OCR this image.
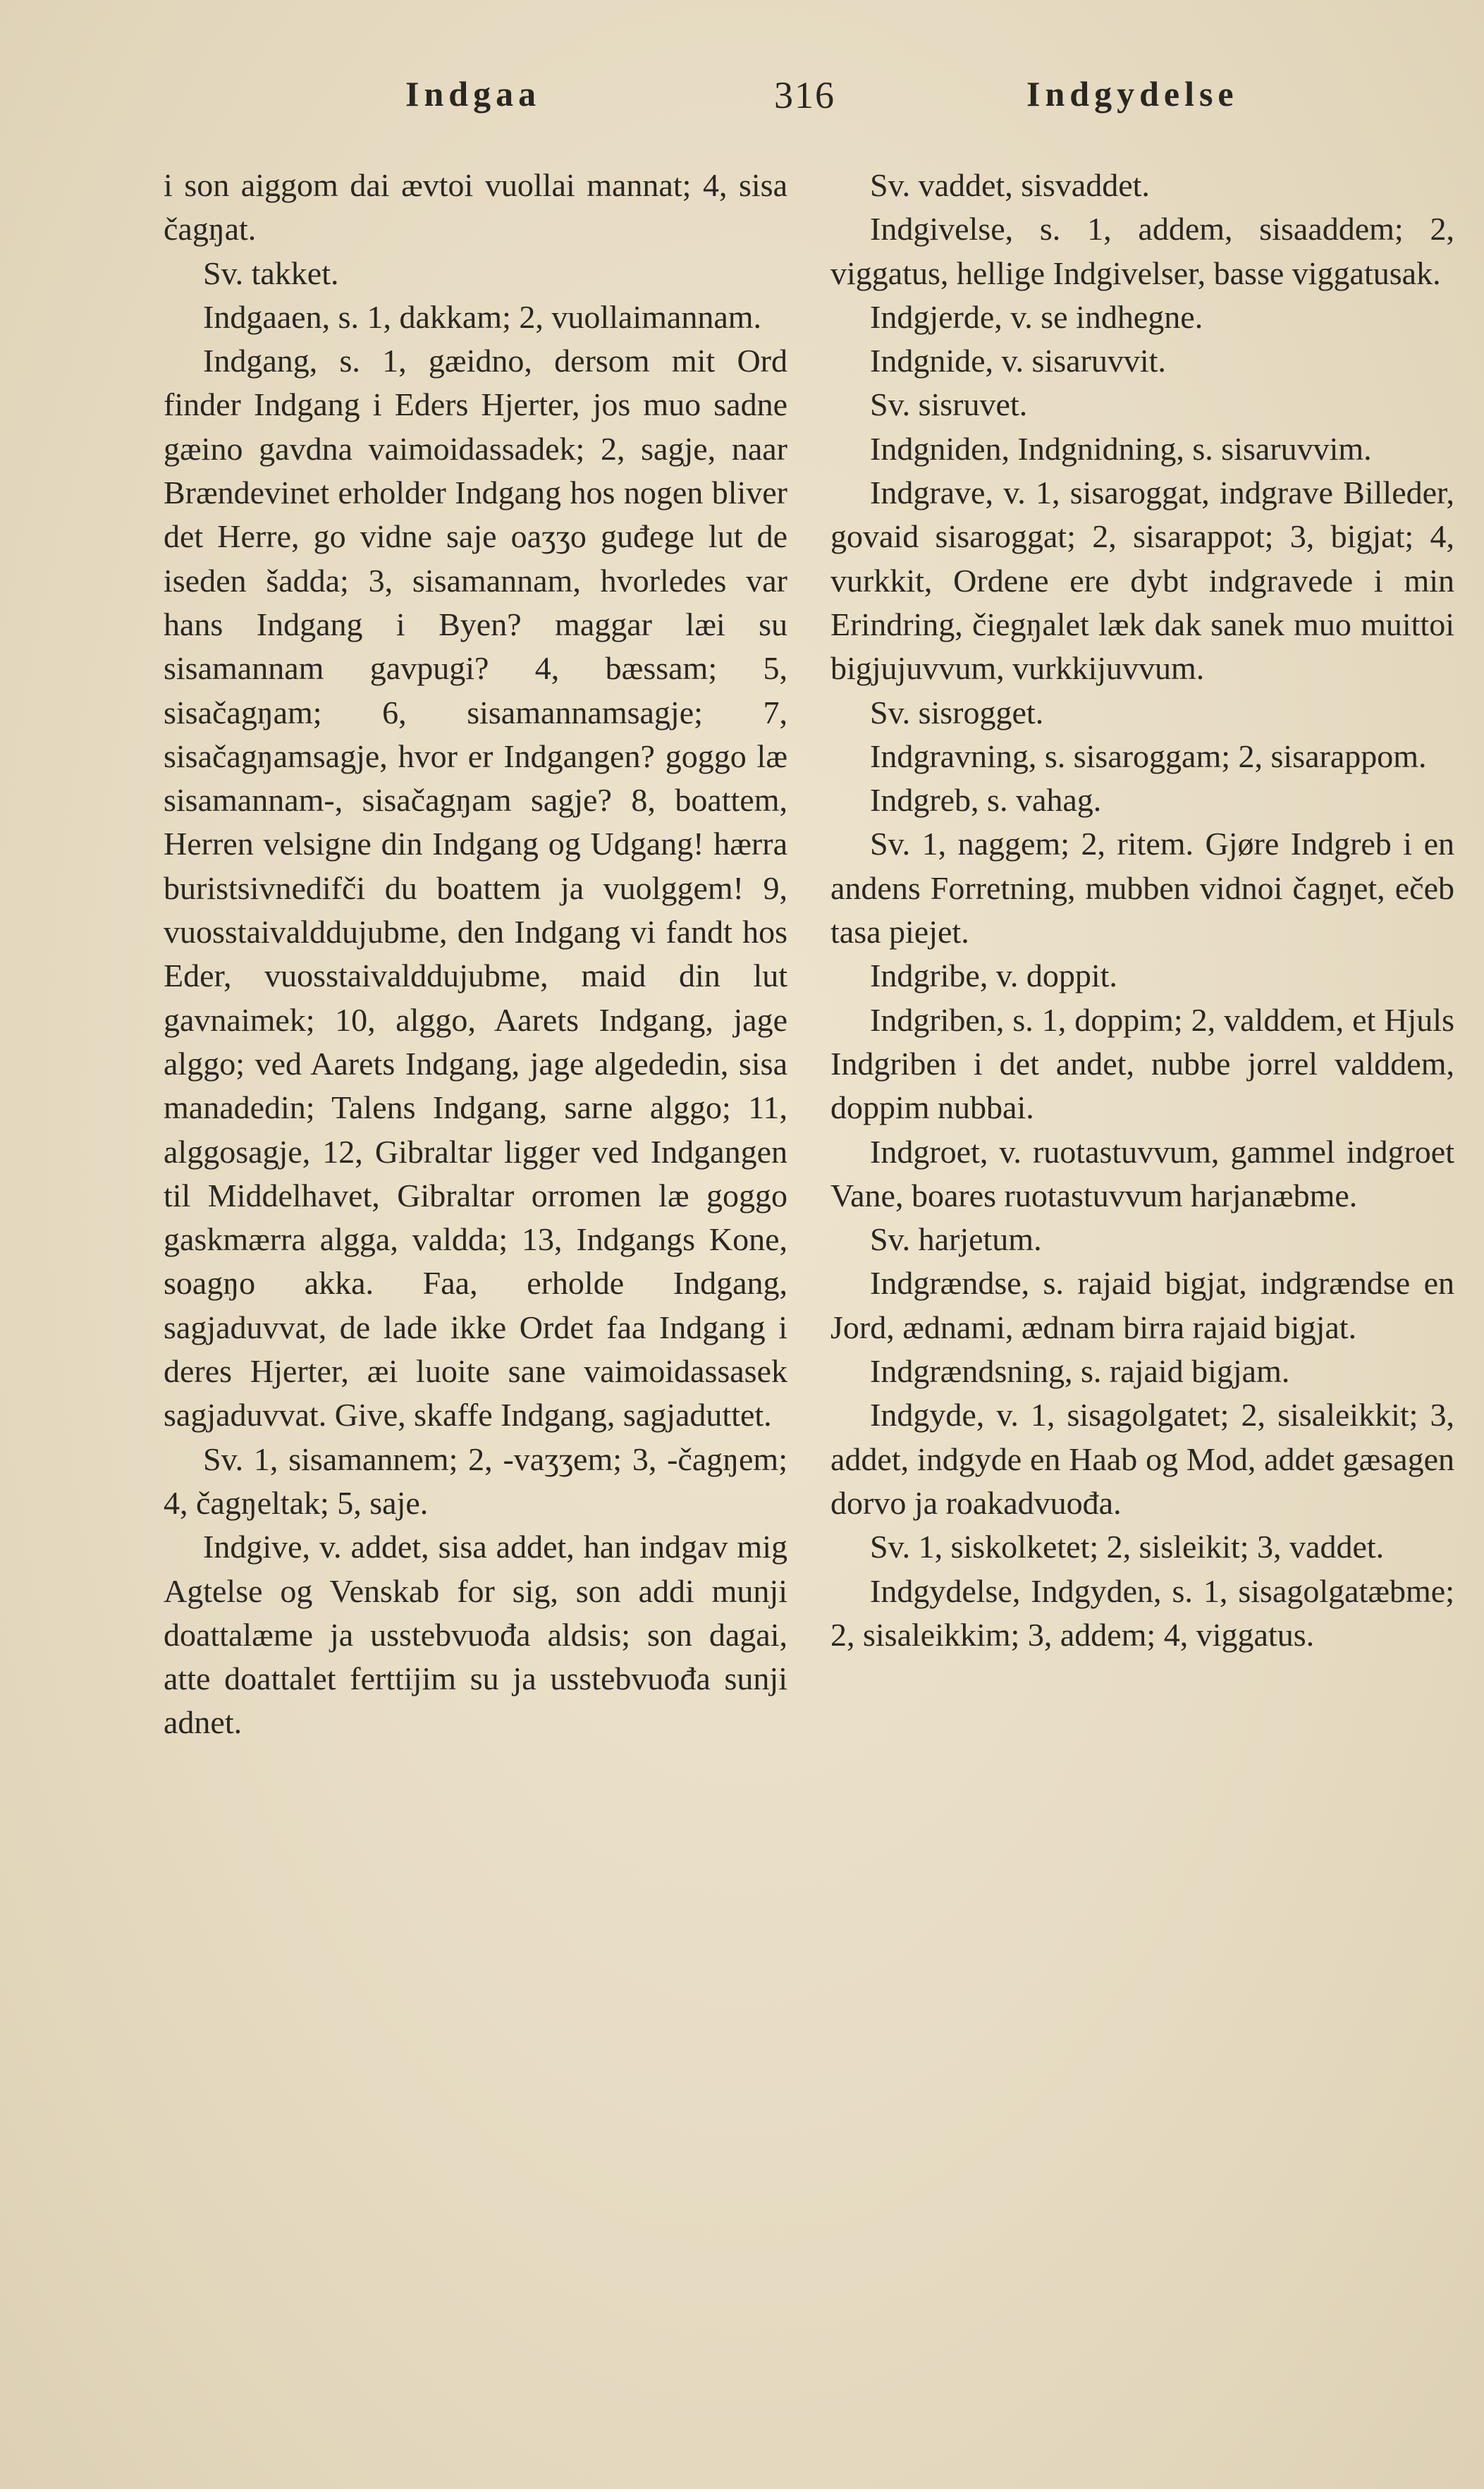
Indgaa	316	Indgydelse

i son aiggom dai ævtoi vuollai mannat; 4, sisa čagŋat.

Sv. takket.

Indgaaen, s. 1, dakkam; 2, vuollaimannam.

Indgang, s. 1, gæidno, dersom mit Ord finder Indgang i Eders Hjerter, jos muo sadne gæino gavdna vaimoidassadek; 2, sagje, naar Brændevinet erholder Indgang hos nogen bliver det Herre, go vidne saje oaʒʒo guđege lut de iseden šadda; 3, sisamannam, hvorledes var hans Indgang i Byen? maggar læi su sisamannam gavpugi? 4, bæssam; 5, sisačagŋam; 6, sisamannamsagje; 7, sisačagŋamsagje, hvor er Indgangen? goggo læ sisamannam-, sisačagŋam sagje? 8, boattem, Herren velsigne din Indgang og Udgang! hærra buristsivnedifči du boattem ja vuolggem! 9, vuosstaivalddujubme, den Indgang vi fandt hos Eder, vuosstaivalddujubme, maid din lut gavnaimek; 10, alggo, Aarets Indgang, jage alggo; ved Aarets Indgang, jage algededin, sisa manadedin; Talens Indgang, sarne alggo; 11, alggosagje, 12, Gibraltar ligger ved Indgangen til Middelhavet, Gibraltar orromen læ goggo gaskmærra algga, valdda; 13, Indgangs Kone, soagŋo akka. Faa, erholde Indgang, sagjaduvvat, de lade ikke Ordet faa Indgang i deres Hjerter, æi luoite sane vaimoidassasek sagjaduvvat. Give, skaffe Indgang, sagjaduttet.

Sv. 1, sisamannem; 2, -vaʒʒem; 3, -čagŋem; 4, čagŋeltak; 5, saje.

Indgive, v. addet, sisa addet, han indgav mig Agtelse og Venskab for sig, son addi munji doattalæme ja usstebvuođa aldsis; son dagai, atte doattalet ferttijim su ja usstebvuođa sunji adnet.

Sv. vaddet, sisvaddet.

Indgivelse, s. 1, addem, sisaaddem; 2, viggatus, hellige Indgivelser, basse viggatusak.

Indgjerde, v. se indhegne.

Indgnide, v. sisaruvvit.

Sv. sisruvet.

Indgniden, Indgnidning, s. sisaruvvim.

Indgrave, v. 1, sisaroggat, indgrave Billeder, govaid sisaroggat; 2, sisarappot; 3, bigjat; 4, vurkkit, Ordene ere dybt indgravede i min Erindring, čiegŋalet læk dak sanek muo muittoi bigjujuvvum, vurkkijuvvum.

Sv. sisrogget.

Indgravning, s. sisaroggam; 2, sisarappom.

Indgreb, s. vahag.

Sv. 1, naggem; 2, ritem. Gjøre Indgreb i en andens Forretning, mubben vidnoi čagŋet, ečeb tasa piejet.

Indgribe, v. doppit.

Indgriben, s. 1, doppim; 2, valddem, et Hjuls Indgriben i det andet, nubbe jorrel valddem, doppim nubbai.

Indgroet, v. ruotastuvvum, gammel indgroet Vane, boares ruotastuvvum harjanæbme.

Sv. harjetum.

Indgrændse, s. rajaid bigjat, indgrændse en Jord, ædnami, ædnam birra rajaid bigjat.

Indgrændsning, s. rajaid bigjam.

Indgyde, v. 1, sisagolgatet; 2, sisaleikkit; 3, addet, indgyde en Haab og Mod, addet gæsagen dorvo ja roakadvuođa.

Sv. 1, siskolketet; 2, sisleikit; 3, vaddet.

Indgydelse, Indgyden, s. 1, sisagolgatæbme; 2, sisaleikkim; 3, addem; 4, viggatus.
